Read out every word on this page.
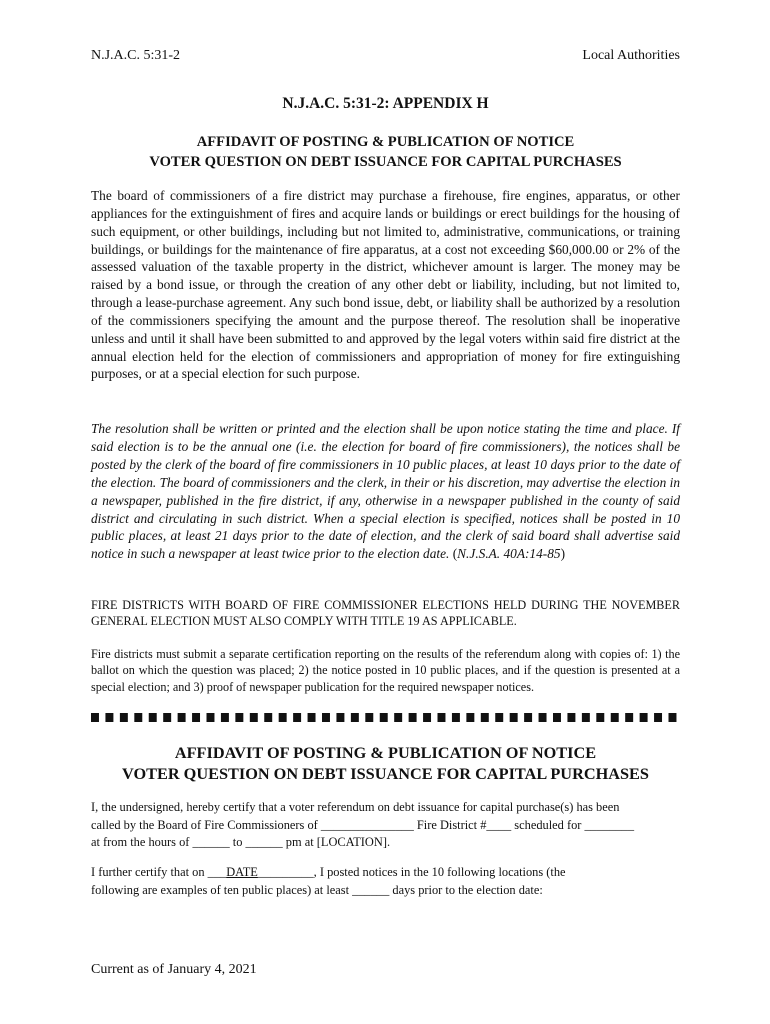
N.J.A.C. 5:31-2	Local Authorities
N.J.A.C. 5:31-2: APPENDIX H
AFFIDAVIT OF POSTING & PUBLICATION OF NOTICE
VOTER QUESTION ON DEBT ISSUANCE FOR CAPITAL PURCHASES

The board of commissioners of a fire district may purchase a firehouse, fire engines, apparatus, or other appliances for the extinguishment of fires and acquire lands or buildings or erect buildings for the housing of such equipment, or other buildings, including but not limited to, administrative, communications, or training buildings, or buildings for the maintenance of fire apparatus, at a cost not exceeding $60,000.00 or 2% of the assessed valuation of the taxable property in the district, whichever amount is larger. The money may be raised by a bond issue, or through the creation of any other debt or liability, including, but not limited to, through a lease-purchase agreement. Any such bond issue, debt, or liability shall be authorized by a resolution of the commissioners specifying the amount and the purpose thereof. The resolution shall be inoperative unless and until it shall have been submitted to and approved by the legal voters within said fire district at the annual election held for the election of commissioners and appropriation of money for fire extinguishing purposes, or at a special election for such purpose.

The resolution shall be written or printed and the election shall be upon notice stating the time and place. If said election is to be the annual one (i.e. the election for board of fire commissioners), the notices shall be posted by the clerk of the board of fire commissioners in 10 public places, at least 10 days prior to the date of the election. The board of commissioners and the clerk, in their or his discretion, may advertise the election in a newspaper, published in the fire district, if any, otherwise in a newspaper published in the county of said district and circulating in such district. When a special election is specified, notices shall be posted in 10 public places, at least 21 days prior to the date of election, and the clerk of said board shall advertise said notice in such a newspaper at least twice prior to the election date. (N.J.S.A. 40A:14-85)

FIRE DISTRICTS WITH BOARD OF FIRE COMMISSIONER ELECTIONS HELD DURING THE NOVEMBER GENERAL ELECTION MUST ALSO COMPLY WITH TITLE 19 AS APPLICABLE.

Fire districts must submit a separate certification reporting on the results of the referendum along with copies of: 1) the ballot on which the question was placed; 2) the notice posted in 10 public places, and if the question is presented at a special election; and 3) proof of newspaper publication for the required newspaper notices.

AFFIDAVIT OF POSTING & PUBLICATION OF NOTICE
VOTER QUESTION ON DEBT ISSUANCE FOR CAPITAL PURCHASES

I, the undersigned, hereby certify that a voter referendum on debt issuance for capital purchase(s) has been
called by the Board of Fire Commissioners of _______________ Fire District #____ scheduled for ________
at from the hours of ______ to ______ pm at [LOCATION].

I further certify that on ___DATE_________, I posted notices in the 10 following locations (the
following are examples of ten public places) at least ______ days prior to the election date:

Current as of January 4, 2021
